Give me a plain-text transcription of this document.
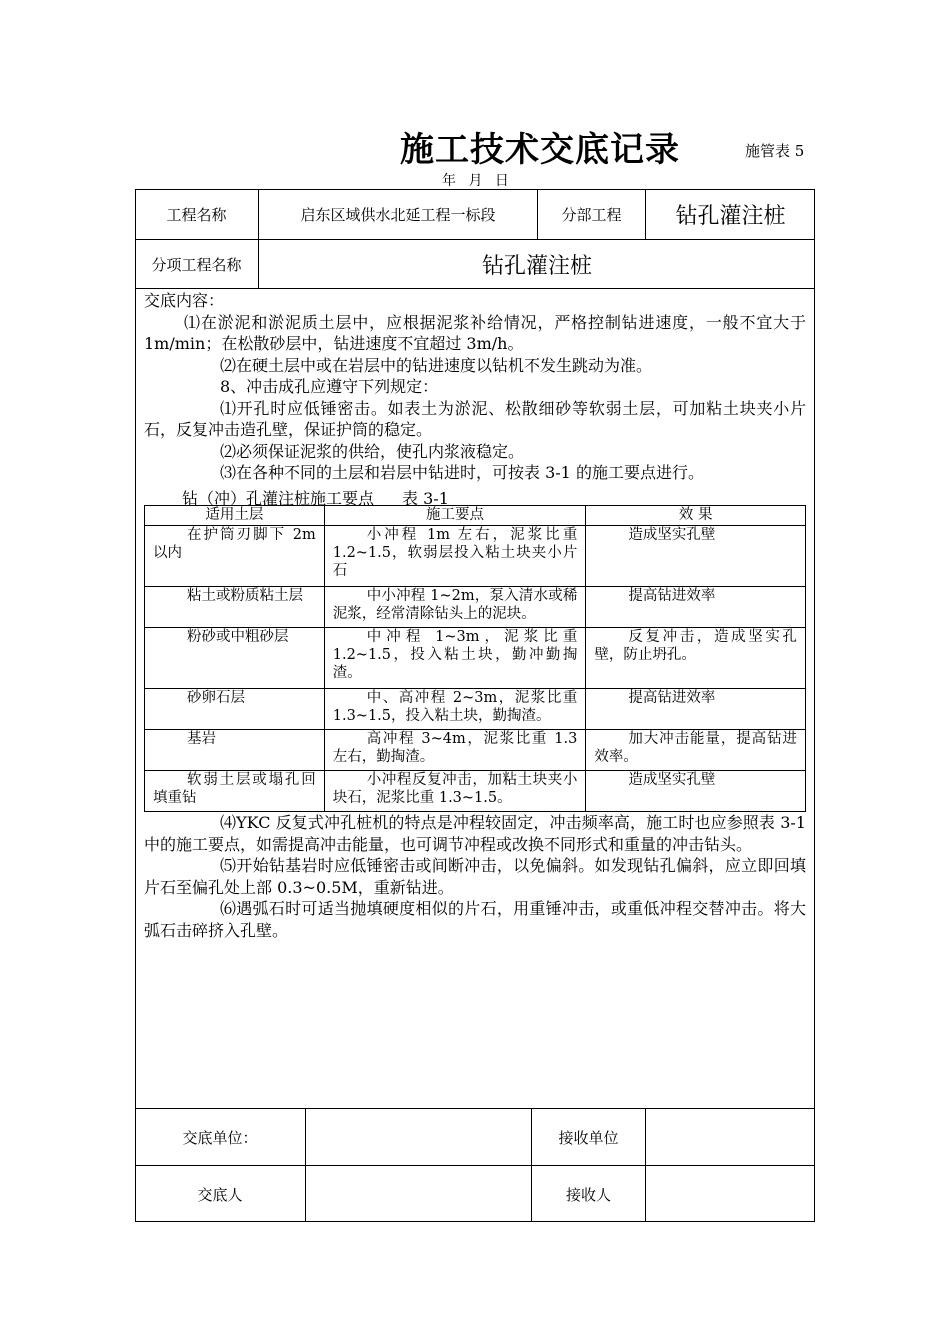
施工技术交底记录	施管表 5
年 月 日
工程名称	启东区域供水北延工程一标段	分部工程	钻孔灌注桩
分项工程名称	钻孔灌注桩

交底内容：

⑴在淤泥和淤泥质土层中，应根据泥浆补给情况，严格控制钻进速度，一般不宜大于 1m/min；在松散砂层中，钻进速度不宜超过 3m/h。

⑵在硬土层中或在岩层中的钻进速度以钻机不发生跳动为准。

8、冲击成孔应遵守下列规定：

⑴开孔时应低锤密击。如表土为淤泥、松散细砂等软弱土层，可加粘土块夹小片石，反复冲击造孔壁，保证护筒的稳定。

⑵必须保证泥浆的供给，使孔内浆液稳定。

⑶在各种不同的土层和岩层中钻进时，可按表 3-1 的施工要点进行。

钻（冲）孔灌注桩施工要点 表 3-1
适用土层	施工要点	效 果

在护筒刃脚下 2m 以内	小冲程 1m 左右，泥浆比重 1.2~1.5，软弱层投入粘土块夹小片石	造成坚实孔壁

粘土或粉质粘土层	中小冲程 1~2m，泵入清水或稀泥浆，经常清除钻头上的泥块。	提高钻进效率

粉砂或中粗砂层	中冲程 1~3m，泥浆比重 1.2~1.5，投入粘土块，勤冲勤掏渣。	反复冲击，造成坚实孔壁，防止坍孔。

砂卵石层	中、高冲程 2~3m，泥浆比重 1.3~1.5，投入粘土块，勤掏渣。	提高钻进效率

基岩	高冲程 3~4m，泥浆比重 1.3 左右，勤掏渣。	加大冲击能量，提高钻进效率。

软弱土层或塌孔回填重钻	小冲程反复冲击，加粘土块夹小块石，泥浆比重 1.3~1.5。	造成坚实孔壁

⑷YKC 反复式冲孔桩机的特点是冲程较固定，冲击频率高，施工时也应参照表 3-1 中的施工要点，如需提高冲击能量，也可调节冲程或改换不同形式和重量的冲击钻头。

⑸开始钻基岩时应低锤密击或间断冲击，以免偏斜。如发现钻孔偏斜，应立即回填片石至偏孔处上部 0.3~0.5M，重新钻进。

⑹遇弧石时可适当抛填硬度相似的片石，用重锤冲击，或重低冲程交替冲击。将大弧石击碎挤入孔壁。

交底单位：	接收单位
交底人	接收人
